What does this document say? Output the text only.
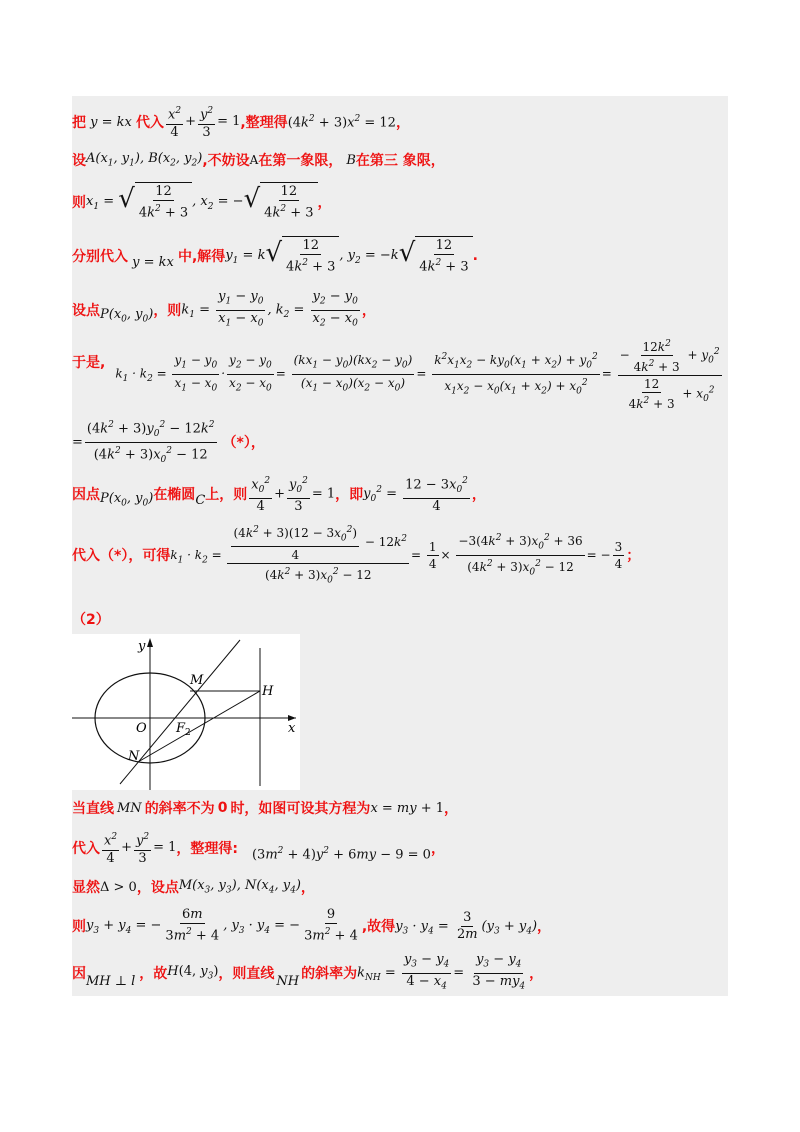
把 y = kx 代入 $\frac{x^2}{4} + \frac{y^2}{3} = 1$ ,整理得 $(4k^2 + 3)x^2 = 12$ ，
设 $A(x_1$, $y_1$), $B(x_2$, $y_2$) ,不妨设 A 在第一象限， B 在第三 象限，
则 $x_1$ = √ $\frac{12}{4k^2 + 3}$ , $x_2$ = − √ $\frac{12}{4k^2 + 3}$ ，
分别代入 y = kx 中,解得 $y_1 = k$ √ $\frac{12}{4k^2 + 3}$ , $y_2 = -k$ √ $\frac{12}{4k^2 + 3}$ .
设点 $P(x_0$, $y_0$) ，则 $k_1 = \frac{y_1 - y_0}{x_1 - x_0}$ , $k_2 = \frac{y_2 - y_0}{x_2 - x_0}$ ，
于是,
$k_1 \cdot k_2 = \frac{y_1 - y_0}{x_1 - x_0} \cdot \frac{y_2 - y_0}{x_2 - x_0} = \frac{(kx_1 - y_0)(kx_2 - y_0)}{(x_1 - x_0)(x_2 - x_0)} = \frac{k^2x_1x_2 - ky_0(x_1 + x_2) + y_0^2}{x_1x_2 - x_0(x_1 + x_2) + x_0^2} = \frac{- \frac{12k^2}{4k^2 + 3} + y_0^2}{\frac{12}{4k^2 + 3} + x_0^2}$
= $\frac{(4k^2 + 3)y_0^2 - 12k^2}{(4k^2 + 3)x_0^2 - 12}$ （*），
因点 $P(x_0$, $y_0$) 在椭圆 C 上，则 $\frac{x_0^2}{4} + \frac{y_0^2}{3} = 1$ ，即 $y_0^2 = \frac{12 - 3x_0^2}{4}$ ，
代入（*），可得 $k_1 \cdot k_2 = \frac{\frac{(4k^2 + 3)(12 - 3x_0^2)}{4} - 12k^2}{(4k^2 + 3)x_0^2 - 12} = \frac{1}{4} \times \frac{-3(4k^2 + 3)x_0^2 + 36}{(4k^2 + 3)x_0^2 - 12}$ = − $\frac{3}{4}$ ；
（2）
当直线 MN 的斜率不为 0 时，如图可设其方程为 x = my + 1 ，
代入 $\frac{x^2}{4} + \frac{y^2}{3} = 1$ ，整理得: $(3m^2 + 4)y^2 + 6my - 9 = 0$ ，
显然 Δ > 0 ，设点 $M(x_3$, $y_3$), $N(x_4$, $y_4$) ，
则 $y_3 + y_4$ = − $\frac{6m}{3m^2 + 4}$ , $y_3 \cdot y_4$ = − $\frac{9}{3m^2 + 4}$ ,故得 $y_3 \cdot y_4 = \frac{3}{2m} (y_3 + y_4)$ ，
因 MH ⊥ l ，故 H(4, $y_3$) ，则直线 NH 的斜率为 $k_{NH} = \frac{y_3 - y_4}{4 - x_4} = \frac{y_3 - y_4}{3 - my_4}$ ，
y
x
O $F_2$
M
N
H
